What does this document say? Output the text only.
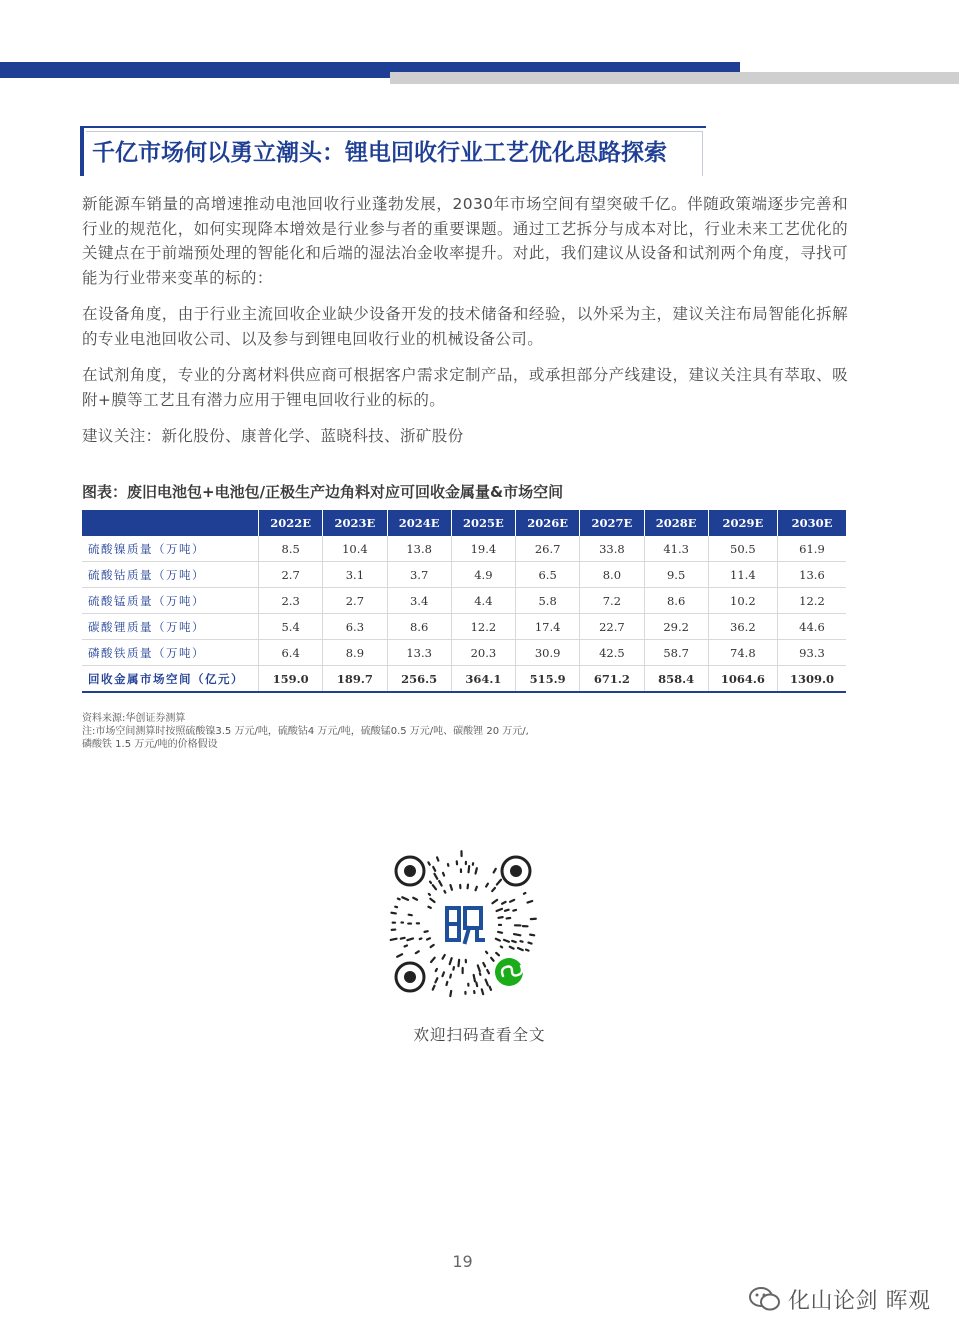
千亿市场何以勇立潮头：锂电回收行业工艺优化思路探索
新能源车销量的高增速推动电池回收行业蓬勃发展，2030年市场空间有望突破千亿。伴随政策端逐步完善和行业的规范化，如何实现降本增效是行业参与者的重要课题。通过工艺拆分与成本对比，行业未来工艺优化的关键点在于前端预处理的智能化和后端的湿法冶金收率提升。对此，我们建议从设备和试剂两个角度，寻找可能为行业带来变革的标的：
在设备角度，由于行业主流回收企业缺少设备开发的技术储备和经验，以外采为主，建议关注布局智能化拆解的专业电池回收公司、以及参与到锂电回收行业的机械设备公司。
在试剂角度，专业的分离材料供应商可根据客户需求定制产品，或承担部分产线建设，建议关注具有萃取、吸附+膜等工艺且有潜力应用于锂电回收行业的标的。
建议关注：新化股份、康普化学、蓝晓科技、浙矿股份
图表：废旧电池包+电池包/正极生产边角料对应可回收金属量&市场空间
	2022E	2023E	2024E	2025E	2026E	2027E	2028E	2029E	2030E
硫酸镍质量（万吨）	8.5	10.4	13.8	19.4	26.7	33.8	41.3	50.5	61.9
硫酸钴质量（万吨）	2.7	3.1	3.7	4.9	6.5	8.0	9.5	11.4	13.6
硫酸锰质量（万吨）	2.3	2.7	3.4	4.4	5.8	7.2	8.6	10.2	12.2
碳酸锂质量（万吨）	5.4	6.3	8.6	12.2	17.4	22.7	29.2	36.2	44.6
磷酸铁质量（万吨）	6.4	8.9	13.3	20.3	30.9	42.5	58.7	74.8	93.3
回收金属市场空间（亿元）	159.0	189.7	256.5	364.1	515.9	671.2	858.4	1064.6	1309.0
资料来源:华创证券测算
注:市场空间测算时按照硫酸镍3.5 万元/吨，硫酸钴4 万元/吨，硫酸锰0.5 万元/吨、碳酸锂 20 万元/,
磷酸铁 1.5 万元/吨的价格假设
欢迎扫码查看全文
19
化山论剑 晖观
